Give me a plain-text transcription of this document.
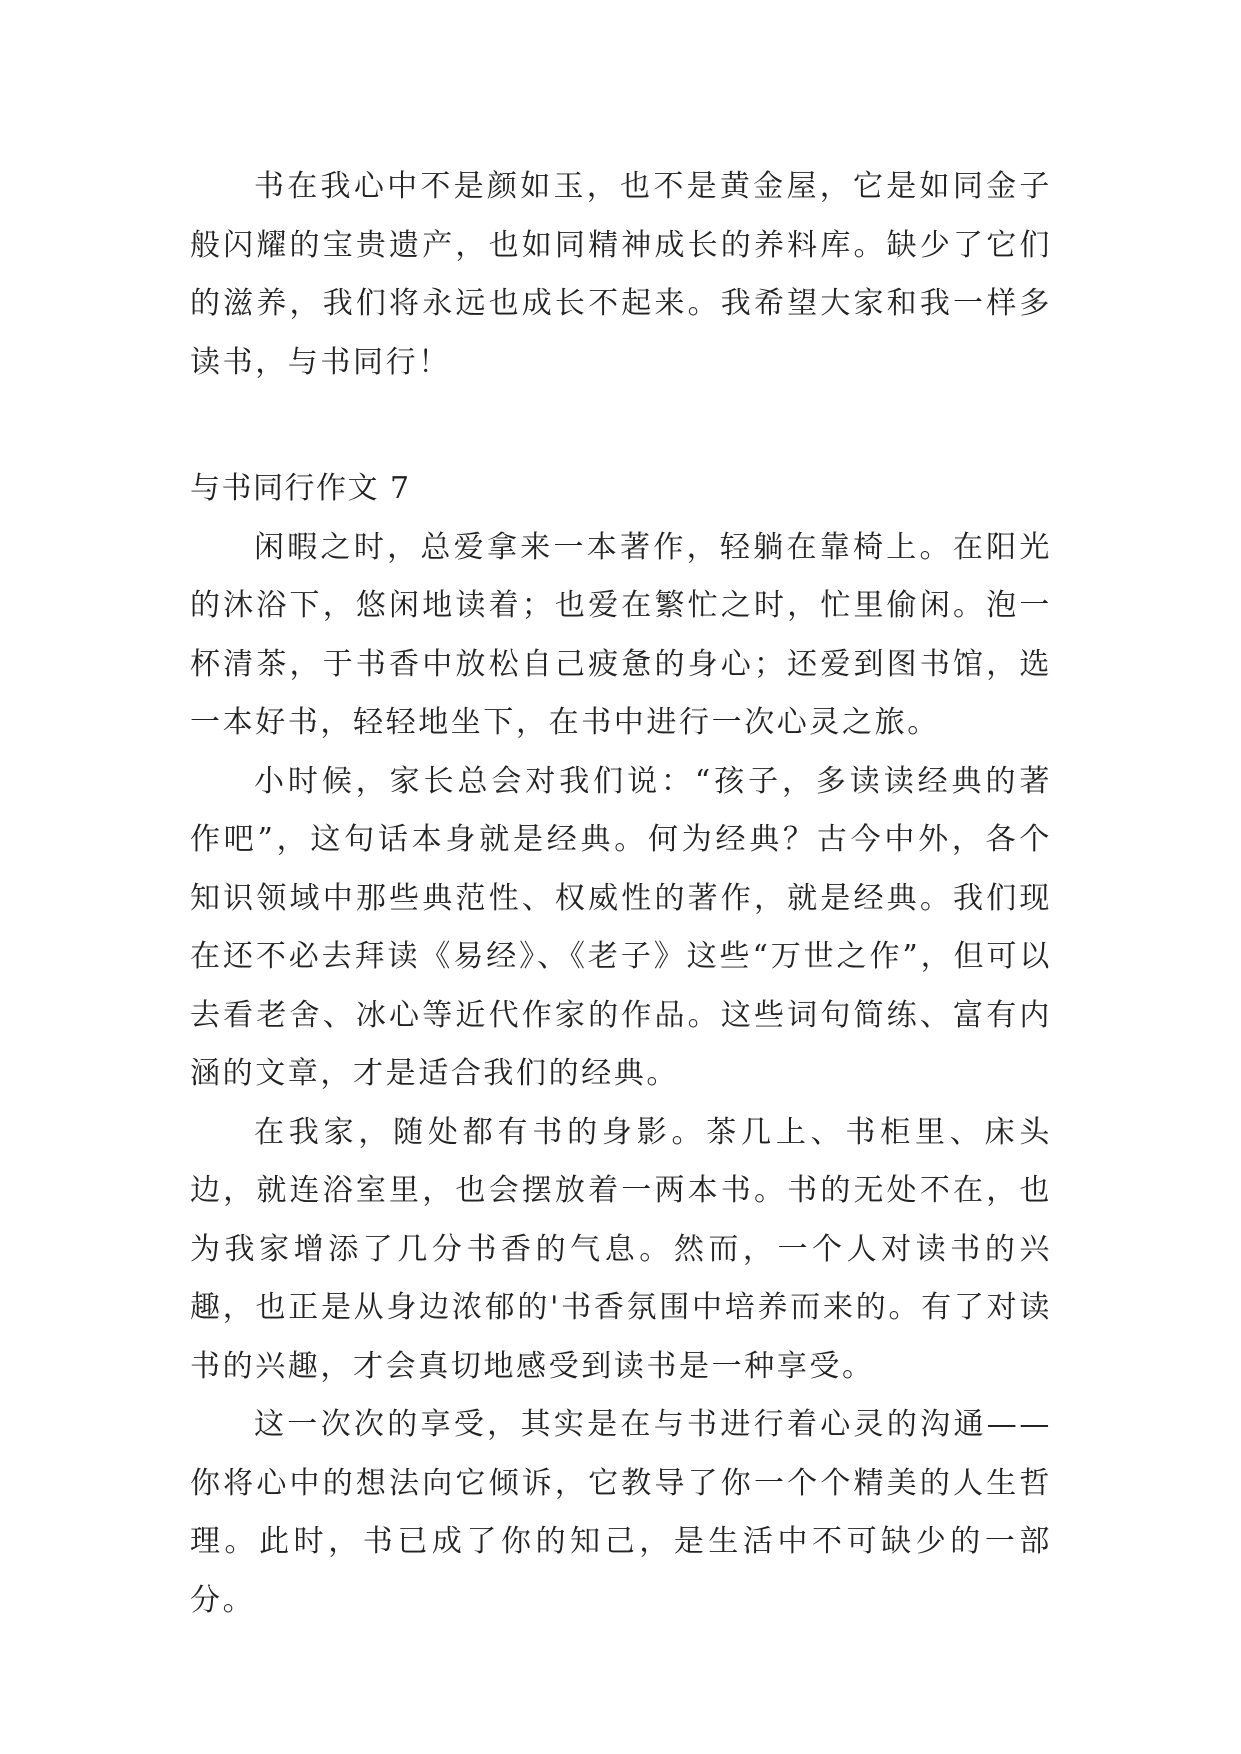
书在我心中不是颜如玉，也不是黄金屋，它是如同金子般闪耀的宝贵遗产，也如同精神成长的养料库。缺少了它们的滋养，我们将永远也成长不起来。我希望大家和我一样多读书，与书同行！

与书同行作文 7

闲暇之时，总爱拿来一本著作，轻躺在靠椅上。在阳光的沐浴下，悠闲地读着；也爱在繁忙之时，忙里偷闲。泡一杯清茶，于书香中放松自己疲惫的身心；还爱到图书馆，选一本好书，轻轻地坐下，在书中进行一次心灵之旅。

小时候，家长总会对我们说：“孩子，多读读经典的著作吧”，这句话本身就是经典。何为经典？古今中外，各个知识领域中那些典范性、权威性的著作，就是经典。我们现在还不必去拜读《易经》、《老子》这些“万世之作”，但可以去看老舍、冰心等近代作家的作品。这些词句简练、富有内涵的文章，才是适合我们的经典。

在我家，随处都有书的身影。茶几上、书柜里、床头边，就连浴室里，也会摆放着一两本书。书的无处不在，也为我家增添了几分书香的气息。然而，一个人对读书的兴趣，也正是从身边浓郁的'书香氛围中培养而来的。有了对读书的兴趣，才会真切地感受到读书是一种享受。

这一次次的享受，其实是在与书进行着心灵的沟通——你将心中的想法向它倾诉，它教导了你一个个精美的人生哲理。此时，书已成了你的知己，是生活中不可缺少的一部分。
